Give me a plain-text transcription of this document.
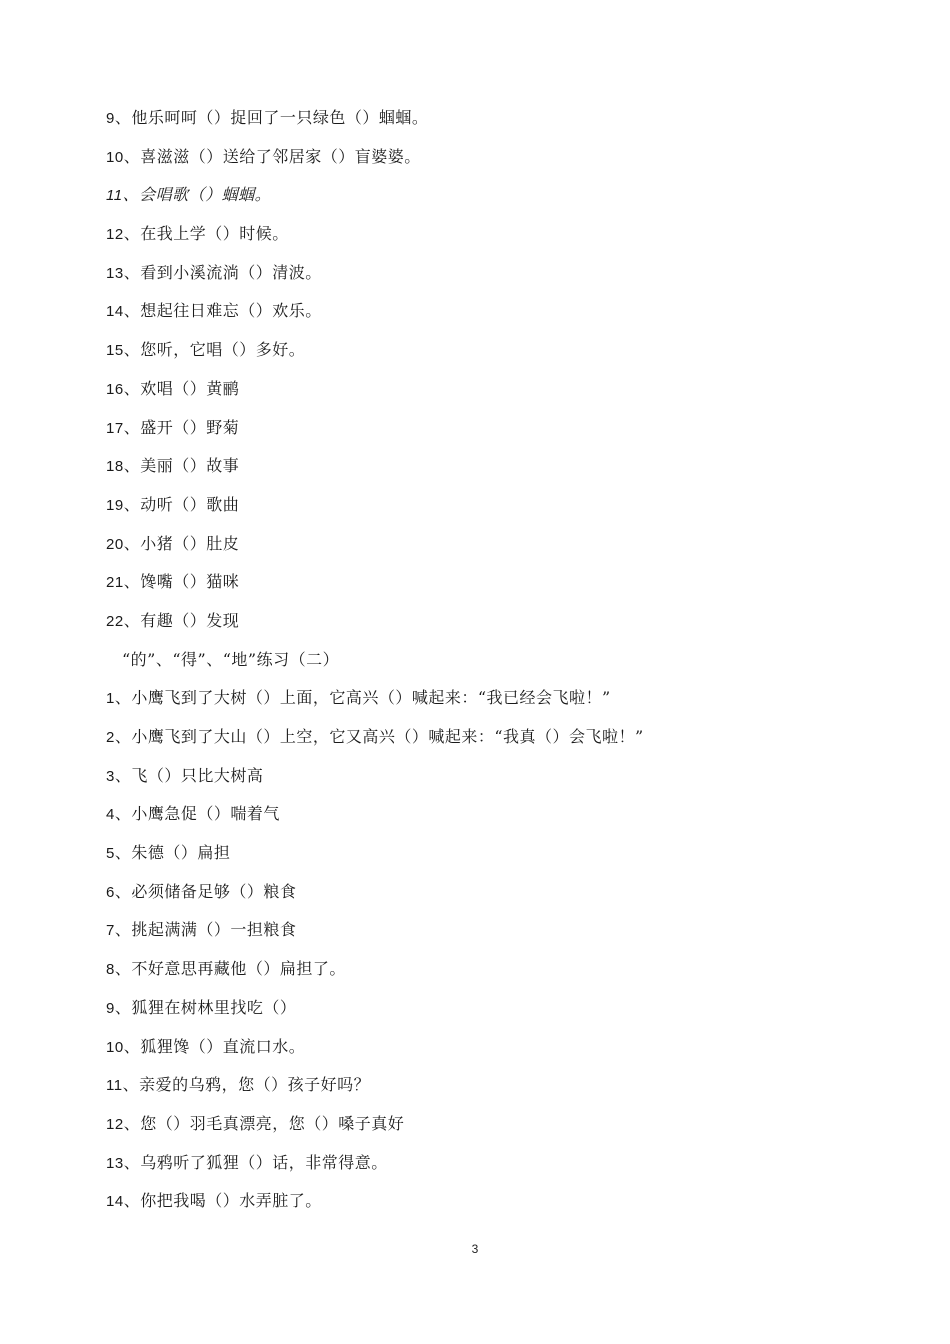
9、他乐呵呵（）捉回了一只绿色（）蝈蝈。
10、喜滋滋（）送给了邻居家（）盲婆婆。
11、会唱歌（）蝈蝈。
12、在我上学（）时候。
13、看到小溪流淌（）清波。
14、想起往日难忘（）欢乐。
15、您听，它唱（）多好。
16、欢唱（）黄鹂
17、盛开（）野菊
18、美丽（）故事
19、动听（）歌曲
20、小猪（）肚皮
21、馋嘴（）猫咪
22、有趣（）发现
“的”、“得”、“地”练习（二）
1、小鹰飞到了大树（）上面，它高兴（）喊起来：“我已经会飞啦！”
2、小鹰飞到了大山（）上空，它又高兴（）喊起来：“我真（）会飞啦！”
3、飞（）只比大树高
4、小鹰急促（）喘着气
5、朱德（）扁担
6、必须储备足够（）粮食
7、挑起满满（）一担粮食
8、不好意思再藏他（）扁担了。
9、狐狸在树林里找吃（）
10、狐狸馋（）直流口水。
11、亲爱的乌鸦，您（）孩子好吗？
12、您（）羽毛真漂亮，您（）嗓子真好
13、乌鸦听了狐狸（）话，非常得意。
14、你把我喝（）水弄脏了。
3
